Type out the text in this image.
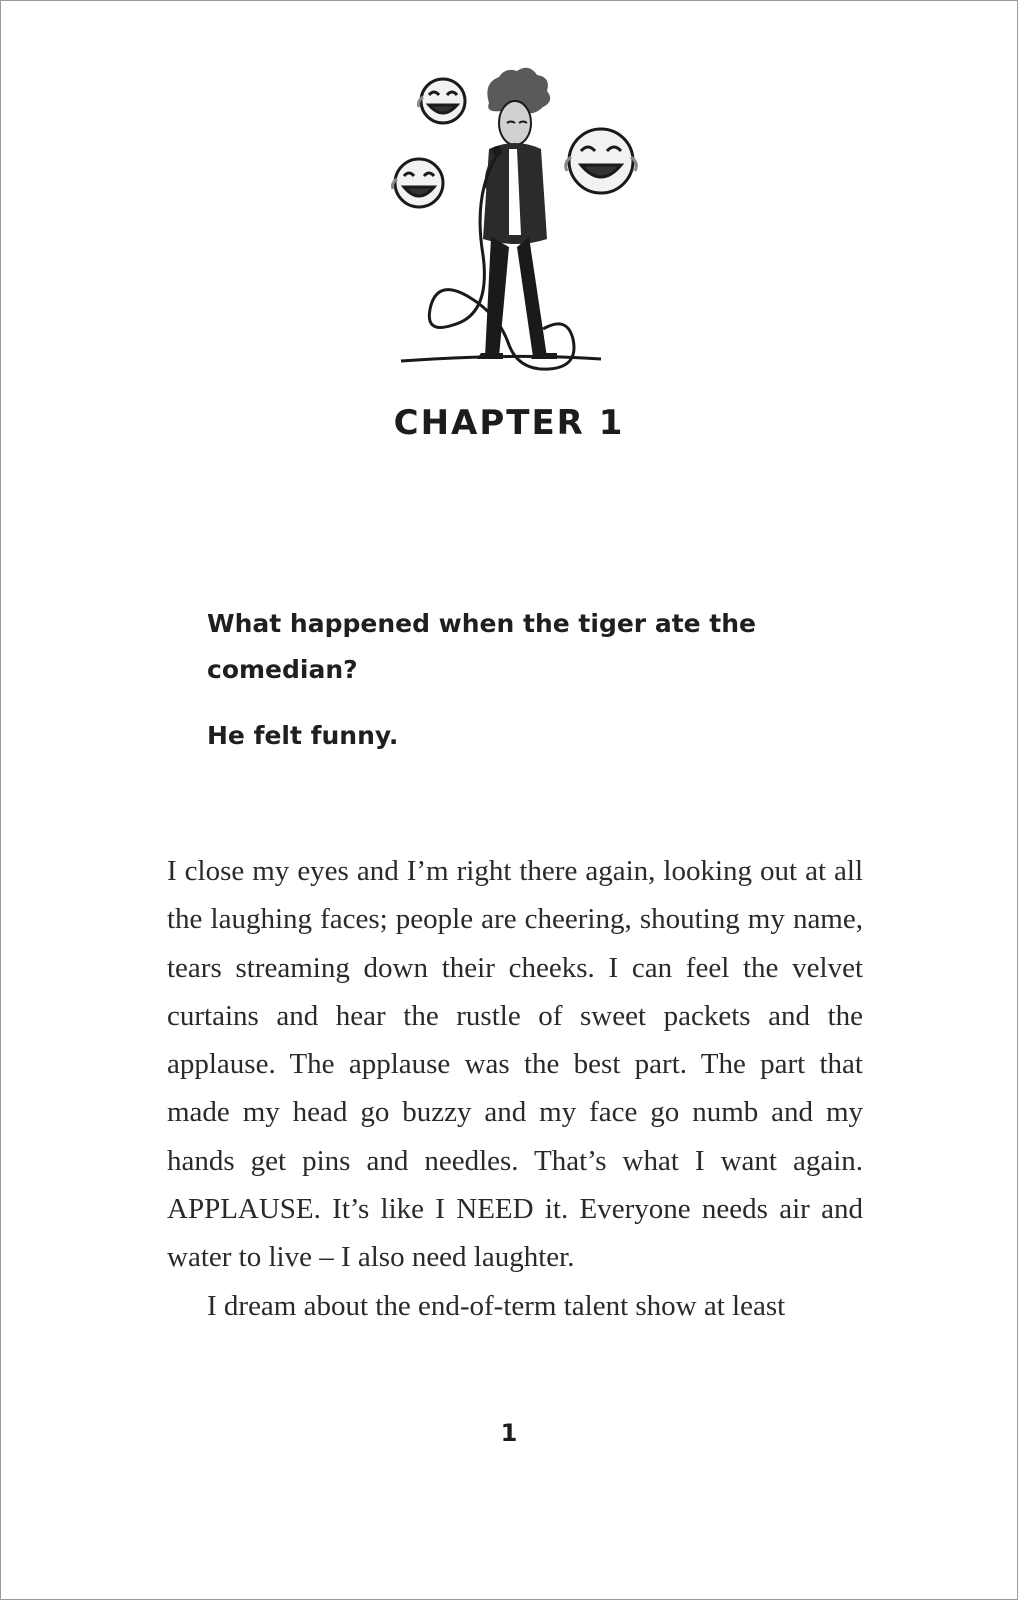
CHAPTER 1
What happened when the tiger ate the comedian?
He felt funny.

I close my eyes and I’m right there again, looking out at all the laughing faces; people are cheering, shouting my name, tears streaming down their cheeks. I can feel the velvet curtains and hear the rustle of sweet packets and the applause. The applause was the best part. The part that made my head go buzzy and my face go numb and my hands get pins and needles. That’s what I want again. APPLAUSE. It’s like I NEED it. Everyone needs air and water to live – I also need laughter.

I dream about the end-of-term talent show at least

1
